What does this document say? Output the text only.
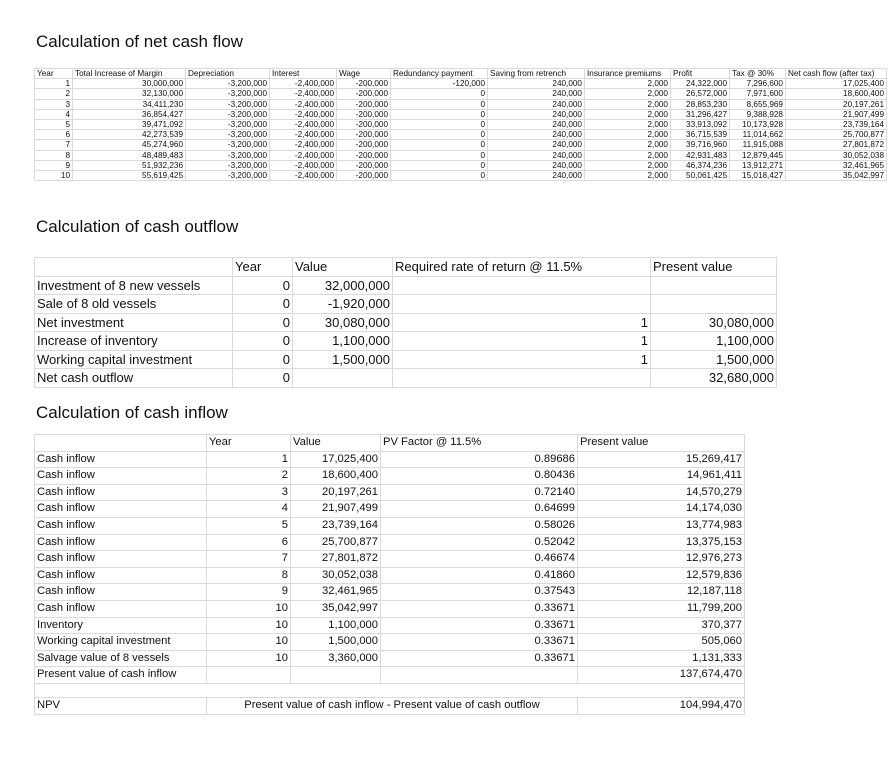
Calculation of net cash flow
Year	Total Increase of Margin	Depreciation	Interest	Wage	Redundancy payment	Saving from retrench	Insurance premiums	Profit	Tax @ 30%	Net cash flow (after tax)
1	30,000,000	-3,200,000	-2,400,000	-200,000	-120,000	240,000	2,000	24,322,000	7,296,600	17,025,400
2	32,130,000	-3,200,000	-2,400,000	-200,000	0	240,000	2,000	26,572,000	7,971,600	18,600,400
3	34,411,230	-3,200,000	-2,400,000	-200,000	0	240,000	2,000	28,853,230	8,655,969	20,197,261
4	36,854,427	-3,200,000	-2,400,000	-200,000	0	240,000	2,000	31,296,427	9,388,928	21,907,499
5	39,471,092	-3,200,000	-2,400,000	-200,000	0	240,000	2,000	33,913,092	10,173,928	23,739,164
6	42,273,539	-3,200,000	-2,400,000	-200,000	0	240,000	2,000	36,715,539	11,014,662	25,700,877
7	45,274,960	-3,200,000	-2,400,000	-200,000	0	240,000	2,000	39,716,960	11,915,088	27,801,872
8	48,489,483	-3,200,000	-2,400,000	-200,000	0	240,000	2,000	42,931,483	12,879,445	30,052,038
9	51,932,236	-3,200,000	-2,400,000	-200,000	0	240,000	2,000	46,374,236	13,912,271	32,461,965
10	55,619,425	-3,200,000	-2,400,000	-200,000	0	240,000	2,000	50,061,425	15,018,427	35,042,997
Calculation of cash outflow
	Year	Value	Required rate of return @ 11.5%	Present value
Investment of 8 new vessels	0	32,000,000		
Sale of 8 old vessels	0	-1,920,000		
Net investment	0	30,080,000	1	30,080,000
Increase of inventory	0	1,100,000	1	1,100,000
Working capital investment	0	1,500,000	1	1,500,000
Net cash outflow	0			32,680,000
Calculation of cash inflow
	Year	Value	PV Factor @ 11.5%	Present value
Cash inflow	1	17,025,400	0.89686	15,269,417
Cash inflow	2	18,600,400	0.80436	14,961,411
Cash inflow	3	20,197,261	0.72140	14,570,279
Cash inflow	4	21,907,499	0.64699	14,174,030
Cash inflow	5	23,739,164	0.58026	13,774,983
Cash inflow	6	25,700,877	0.52042	13,375,153
Cash inflow	7	27,801,872	0.46674	12,976,273
Cash inflow	8	30,052,038	0.41860	12,579,836
Cash inflow	9	32,461,965	0.37543	12,187,118
Cash inflow	10	35,042,997	0.33671	11,799,200
Inventory	10	1,100,000	0.33671	370,377
Working capital investment	10	1,500,000	0.33671	505,060
Salvage value of 8 vessels	10	3,360,000	0.33671	1,131,333
Present value of cash inflow				137,674,470

NPV	Present value of cash inflow - Present value of cash outflow			104,994,470
